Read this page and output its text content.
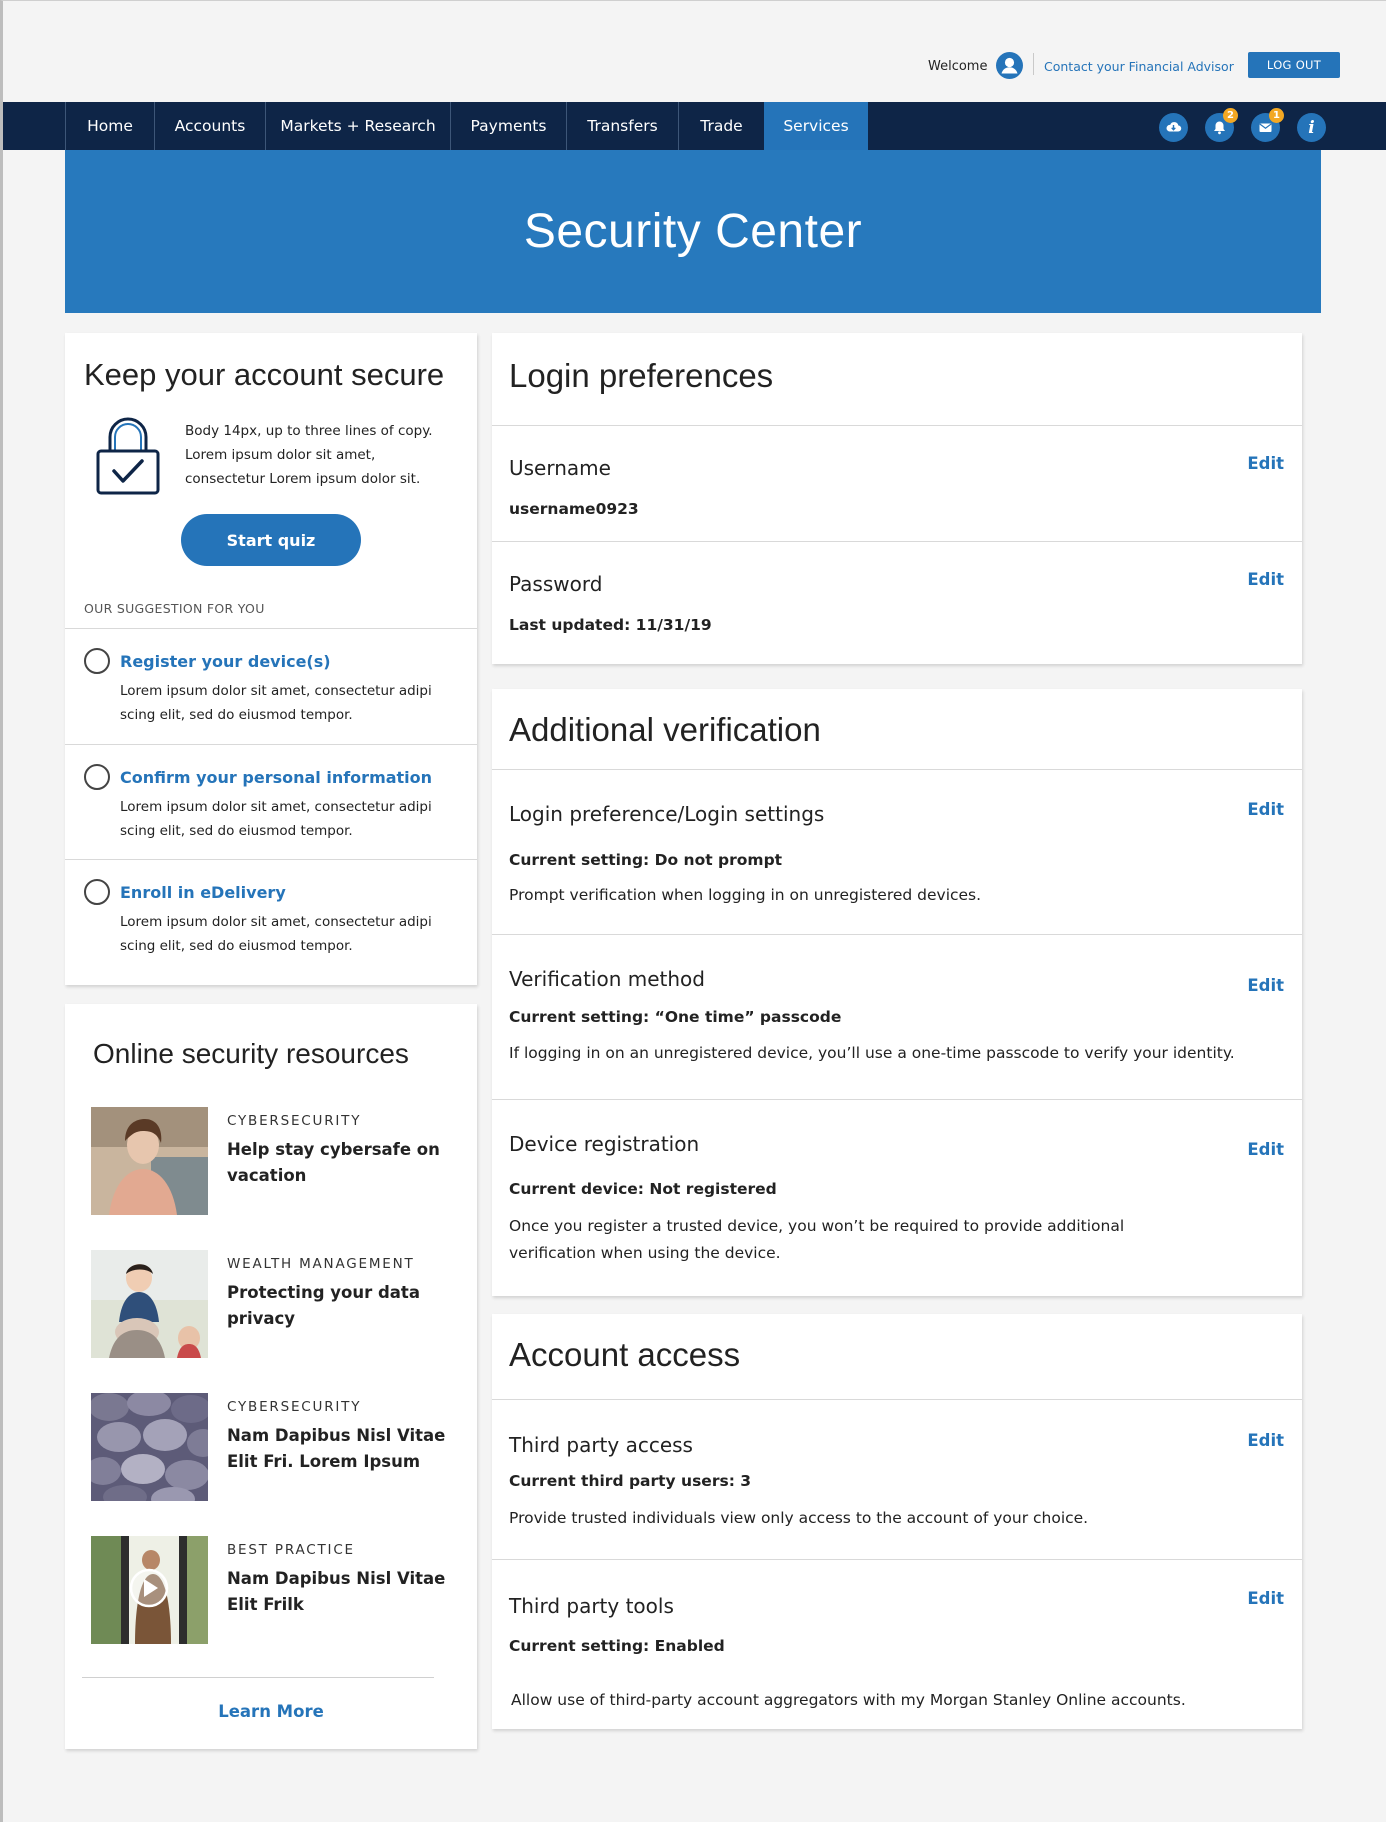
Welcome	Contact your Financial Advisor	LOG OUT
Home	Accounts	Markets + Research	Payments	Transfers	Trade	Services
2	1
i
Security Center
Keep your account secure

Body 14px, up to three lines of copy. Lorem ipsum dolor sit amet, consectetur Lorem ipsum dolor sit.

Start quiz
OUR SUGGESTION FOR YOU
Register your device(s)

Lorem ipsum dolor sit amet, consectetur adipi scing elit, sed do eiusmod tempor.

Confirm your personal information

Lorem ipsum dolor sit amet, consectetur adipi scing elit, sed do eiusmod tempor.

Enroll in eDelivery

Lorem ipsum dolor sit amet, consectetur adipi scing elit, sed do eiusmod tempor.

Online security resources
CYBERSECURITY
Help stay cybersafe on vacation
WEALTH MANAGEMENT
Protecting your data privacy
CYBERSECURITY
Nam Dapibus Nisl Vitae Elit Fri. Lorem Ipsum
BEST PRACTICE
Nam Dapibus Nisl Vitae Elit Frilk
Learn More
Login preferences
Username
username0923
Edit
Password
Last updated: 11/31/19
Edit
Additional verification
Login preference/Login settings
Current setting: Do not prompt

Prompt verification when logging in on unregistered devices.

Edit
Verification method
Current setting: “One time” passcode

If logging in on an unregistered device, you’ll use a one-time passcode to verify your identity.

Edit
Device registration
Current device: Not registered

Once you register a trusted device, you won’t be required to provide additional verification when using the device.

Edit
Account access
Third party access
Current third party users: 3

Provide trusted individuals view only access to the account of your choice.

Edit
Third party tools
Current setting: Enabled

Allow use of third-party account aggregators with my Morgan Stanley Online accounts.

Edit
